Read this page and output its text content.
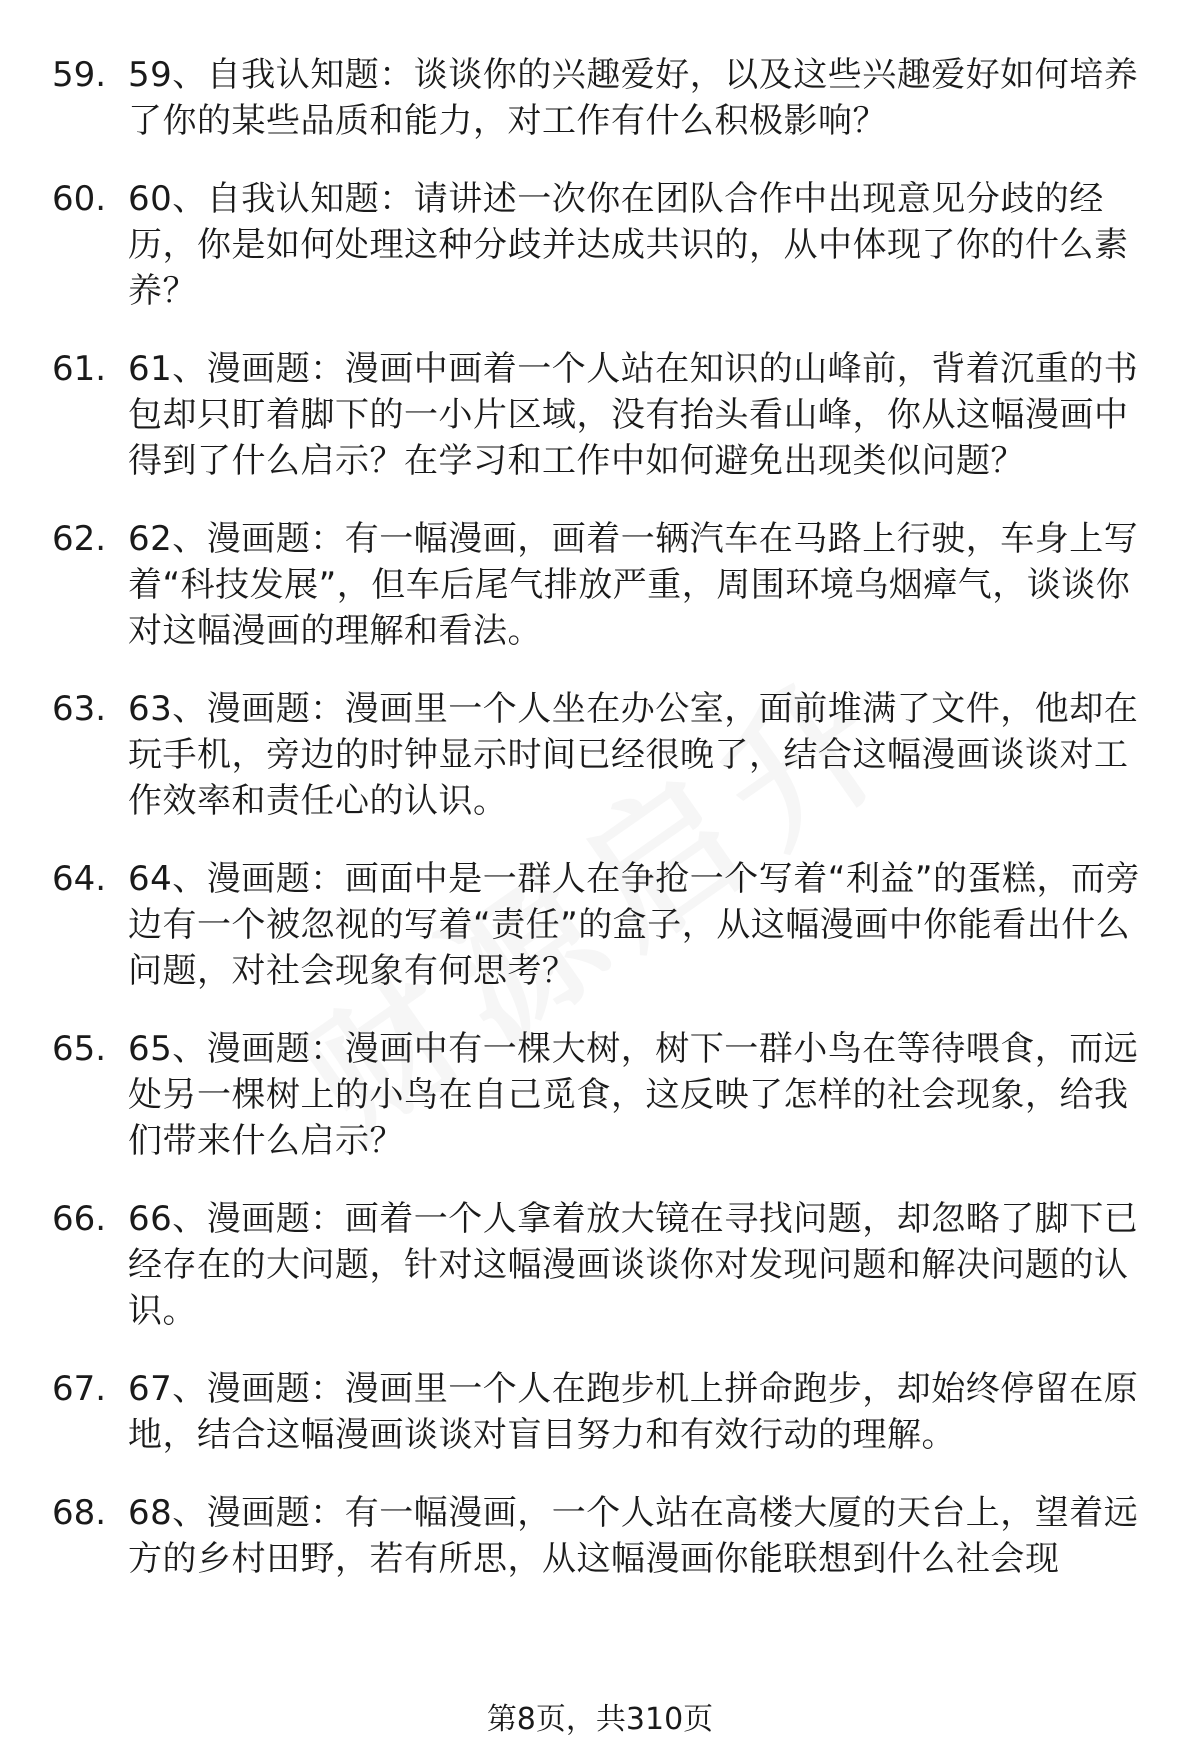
59. 59、自我认知题：谈谈你的兴趣爱好，以及这些兴趣爱好如何培养了你的某些品质和能力，对工作有什么积极影响？
60. 60、自我认知题：请讲述一次你在团队合作中出现意见分歧的经历，你是如何处理这种分歧并达成共识的，从中体现了你的什么素养？
61. 61、漫画题：漫画中画着一个人站在知识的山峰前，背着沉重的书包却只盯着脚下的一小片区域，没有抬头看山峰，你从这幅漫画中得到了什么启示？在学习和工作中如何避免出现类似问题？
62. 62、漫画题：有一幅漫画，画着一辆汽车在马路上行驶，车身上写着“科技发展”，但车后尾气排放严重，周围环境乌烟瘴气，谈谈你对这幅漫画的理解和看法。
63. 63、漫画题：漫画里一个人坐在办公室，面前堆满了文件，他却在玩手机，旁边的时钟显示时间已经很晚了，结合这幅漫画谈谈对工作效率和责任心的认识。
64. 64、漫画题：画面中是一群人在争抢一个写着“利益”的蛋糕，而旁边有一个被忽视的写着“责任”的盒子，从这幅漫画中你能看出什么问题，对社会现象有何思考？
65. 65、漫画题：漫画中有一棵大树，树下一群小鸟在等待喂食，而远处另一棵树上的小鸟在自己觅食，这反映了怎样的社会现象，给我们带来什么启示？
66. 66、漫画题：画着一个人拿着放大镜在寻找问题，却忽略了脚下已经存在的大问题，针对这幅漫画谈谈你对发现问题和解决问题的认识。
67. 67、漫画题：漫画里一个人在跑步机上拼命跑步，却始终停留在原地，结合这幅漫画谈谈对盲目努力和有效行动的理解。
68. 68、漫画题：有一幅漫画，一个人站在高楼大厦的天台上，望着远方的乡村田野，若有所思，从这幅漫画你能联想到什么社会现
第8页，共310页
